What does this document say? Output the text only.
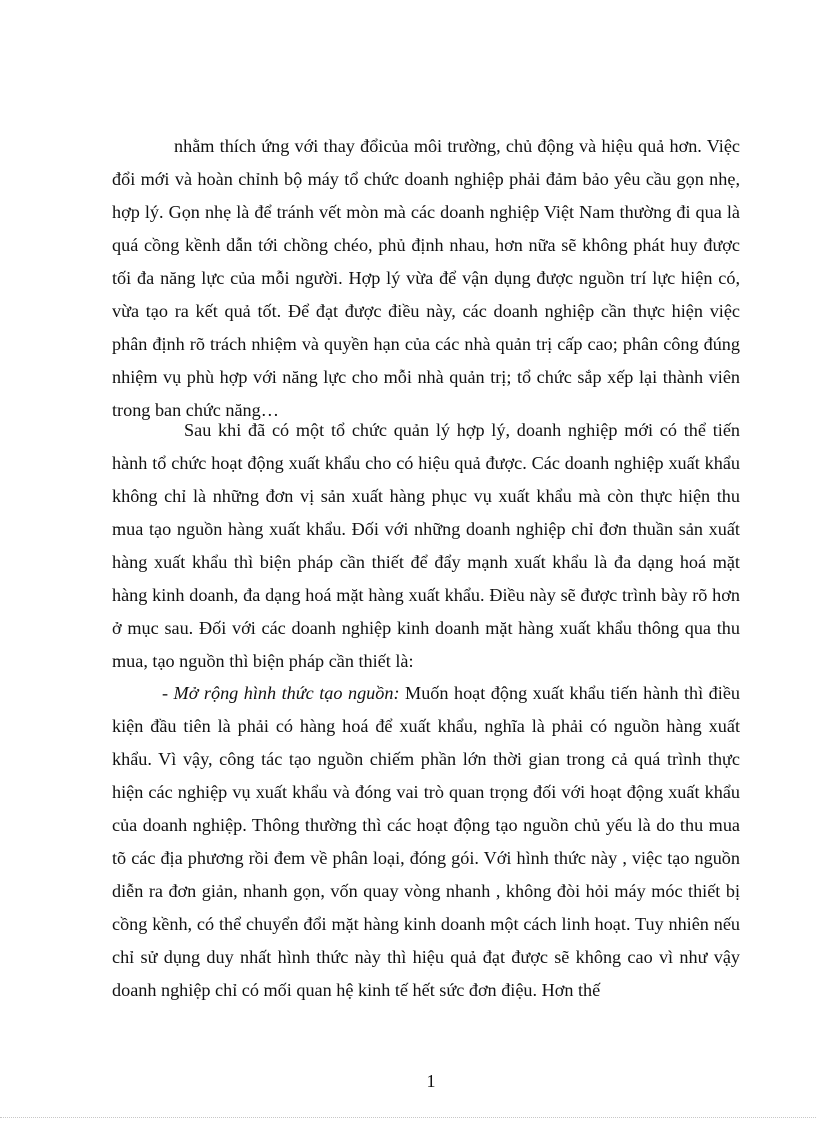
nhằm thích ứng với thay đổicủa môi trường, chủ động và hiệu quả hơn. Việc đổi mới và hoàn chỉnh bộ máy tổ chức doanh nghiệp phải đảm bảo yêu cầu gọn nhẹ, hợp lý. Gọn nhẹ là để tránh vết mòn mà các doanh nghiệp Việt Nam thường đi qua là quá cồng kềnh dẫn tới chồng chéo, phủ định nhau, hơn nữa sẽ không phát huy được tối đa năng lực của mỗi người. Hợp lý vừa để vận dụng được nguồn trí lực hiện có, vừa tạo ra kết quả tốt. Để đạt được điều này, các doanh nghiệp cần thực hiện việc phân định rõ trách nhiệm và quyền hạn của các nhà quản trị cấp cao; phân công đúng nhiệm vụ phù hợp với năng lực cho mỗi nhà quản trị; tổ chức sắp xếp lại thành viên trong ban chức năng…

Sau khi đã có một tổ chức quản lý hợp lý, doanh nghiệp mới có thể tiến hành tổ chức hoạt động xuất khẩu cho có hiệu quả được. Các doanh nghiệp xuất khẩu không chỉ là những đơn vị sản xuất hàng phục vụ xuất khẩu mà còn thực hiện thu mua tạo nguồn hàng xuất khẩu. Đối với những doanh nghiệp chỉ đơn thuần sản xuất hàng xuất khẩu thì biện pháp cần thiết để đẩy mạnh xuất khẩu là đa dạng hoá mặt hàng kinh doanh, đa dạng hoá mặt hàng xuất khẩu. Điều này sẽ được trình bày rõ hơn ở mục sau. Đối với các doanh nghiệp kinh doanh mặt hàng xuất khẩu thông qua thu mua, tạo nguồn thì biện pháp cần thiết là:

- Mở rộng hình thức tạo nguồn: Muốn hoạt động xuất khẩu tiến hành thì điều kiện đầu tiên là phải có hàng hoá để xuất khẩu, nghĩa là phải có nguồn hàng xuất khẩu. Vì vậy, công tác tạo nguồn chiếm phần lớn thời gian trong cả quá trình thực hiện các nghiệp vụ xuất khẩu và đóng vai trò quan trọng đối với hoạt động xuất khẩu của doanh nghiệp. Thông thường thì các hoạt động tạo nguồn chủ yếu là do thu mua tõ các địa phương rồi đem về phân loại, đóng gói. Với hình thức này , việc tạo nguồn diễn ra đơn giản, nhanh gọn, vốn quay vòng nhanh , không đòi hỏi máy móc thiết bị cồng kềnh, có thể chuyển đổi mặt hàng kinh doanh một cách linh hoạt. Tuy nhiên nếu chỉ sử dụng duy nhất hình thức này thì hiệu quả đạt được sẽ không cao vì như vậy doanh nghiệp chỉ có mối quan hệ kinh tế hết sức đơn điệu. Hơn thế

1
